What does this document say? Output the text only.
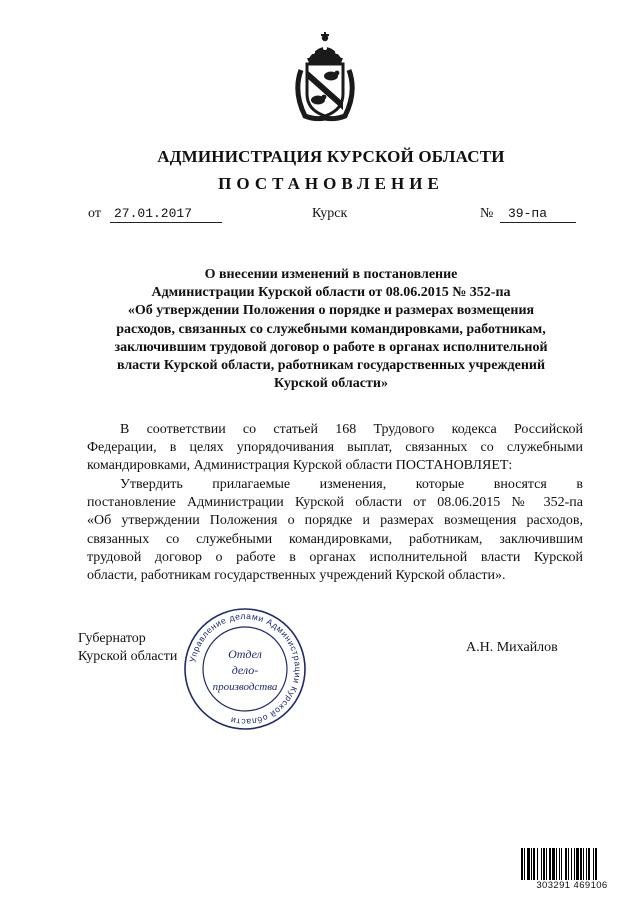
АДМИНИСТРАЦИЯ КУРСКОЙ ОБЛАСТИ
ПОСТАНОВЛЕНИЕ
от 27.01.2017	Курск	№ 39-па
О внесении изменений в постановление
Администрации Курской области от 08.06.2015 № 352-па
«Об утверждении Положения о порядке и размерах возмещения
расходов, связанных со служебными командировками, работникам,
заключившим трудовой договор о работе в органах исполнительной
власти Курской области, работникам государственных учреждений
Курской области»
В соответствии со статьей 168 Трудового кодекса Российской
Федерации, в целях упорядочивания выплат, связанных со служебными
командировками, Администрация Курской области ПОСТАНОВЛЯЕТ:
Утвердить прилагаемые изменения, которые вносятся в
постановление Администрации Курской области от 08.06.2015 № 352-па
«Об утверждении Положения о порядке и размерах возмещения расходов,
связанных со служебными командировками, работникам, заключившим
трудовой договор о работе в органах исполнительной власти Курской
области, работникам государственных учреждений Курской области».
Губернатор
Курской области
А.Н. Михайлов
Управление делами Администрации Курской области
Отдел
дело-
производства
303291 469106
